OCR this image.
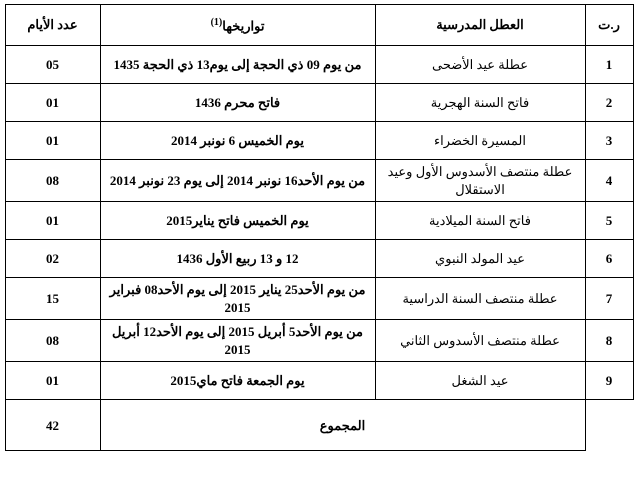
ر.ت	العطل المدرسية	تواريخها$^{(1)}$	عدد الأيام
1	عطلة عيد الأضحى	من يوم 09 ذي الحجة إلى يوم13 ذي الحجة 1435	05
2	فاتح السنة الهجرية	فاتح محرم 1436	01
3	المسيرة الخضراء	يوم الخميس 6 نونبر 2014	01
4	عطلة منتصف الأسدوس الأول وعيد الاستقلال	من يوم الأحد16 نونبر 2014 إلى يوم 23 نونبر 2014	08
5	فاتح السنة الميلادية	يوم الخميس فاتح يناير2015	01
6	عيد المولد النبوي	12 و 13 ربيع الأول 1436	02
7	عطلة منتصف السنة الدراسية	من يوم الأحد25 يناير 2015 إلى يوم الأحد08 فبراير 2015	15
8	عطلة منتصف الأسدوس الثاني	من يوم الأحد5 أبريل 2015 إلى يوم الأحد12 أبريل 2015	08
9	عيد الشغل	يوم الجمعة فاتح ماي2015	01
	المجموع		42
